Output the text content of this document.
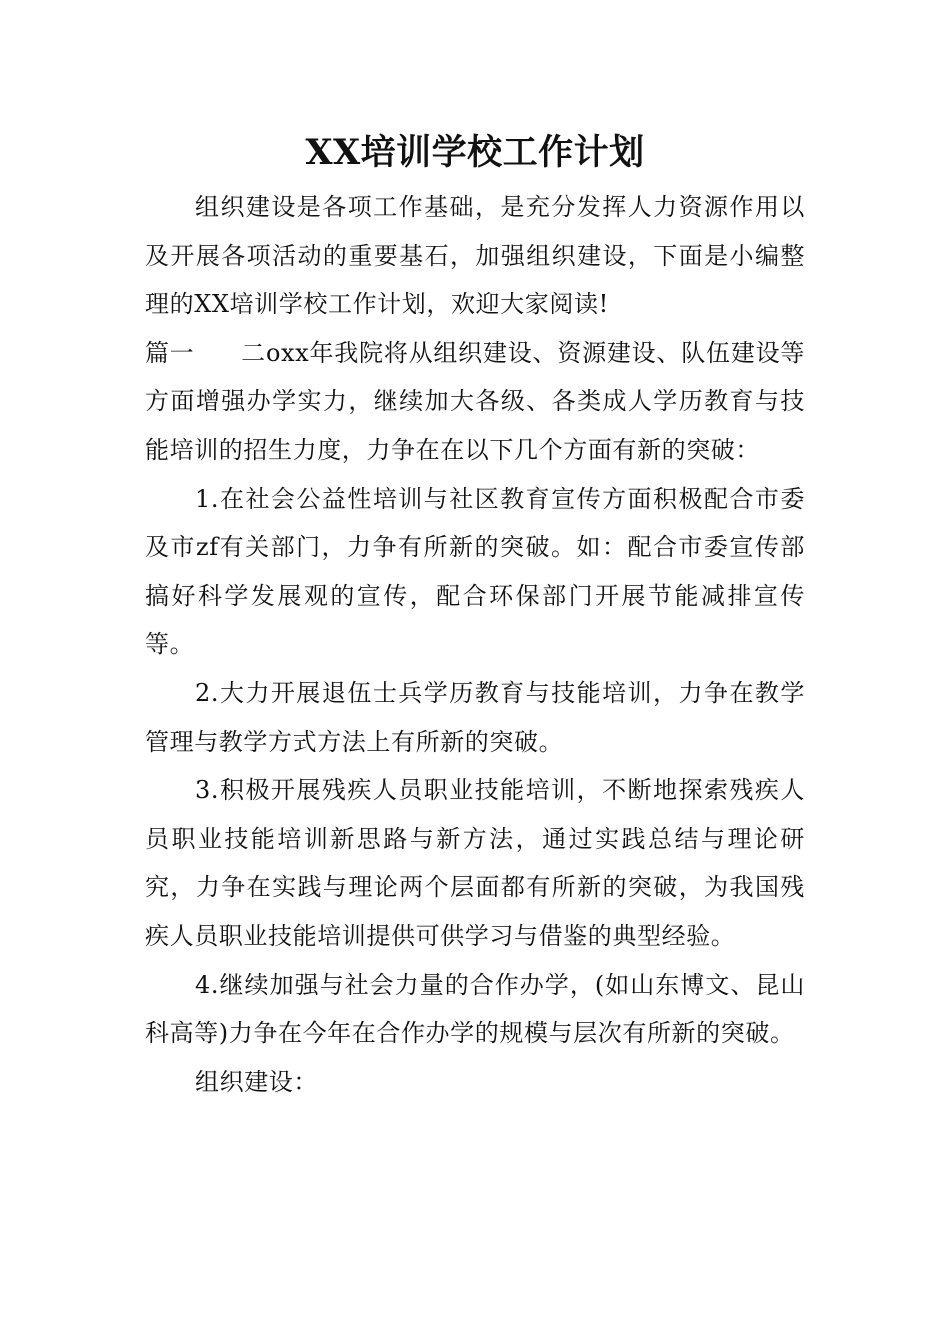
XX培训学校工作计划

组织建设是各项工作基础，是充分发挥人力资源作用以及开展各项活动的重要基石，加强组织建设，下面是小编整理的XX培训学校工作计划，欢迎大家阅读!

篇一 二oxx年我院将从组织建设、资源建设、队伍建设等方面增强办学实力，继续加大各级、各类成人学历教育与技能培训的招生力度，力争在在以下几个方面有新的突破：

1.在社会公益性培训与社区教育宣传方面积极配合市委及市zf有关部门，力争有所新的突破。如：配合市委宣传部搞好科学发展观的宣传，配合环保部门开展节能减排宣传等。

2.大力开展退伍士兵学历教育与技能培训，力争在教学管理与教学方式方法上有所新的突破。

3.积极开展残疾人员职业技能培训，不断地探索残疾人员职业技能培训新思路与新方法，通过实践总结与理论研究，力争在实践与理论两个层面都有所新的突破，为我国残疾人员职业技能培训提供可供学习与借鉴的典型经验。

4.继续加强与社会力量的合作办学，(如山东博文、昆山科高等)力争在今年在合作办学的规模与层次有所新的突破。

组织建设：
